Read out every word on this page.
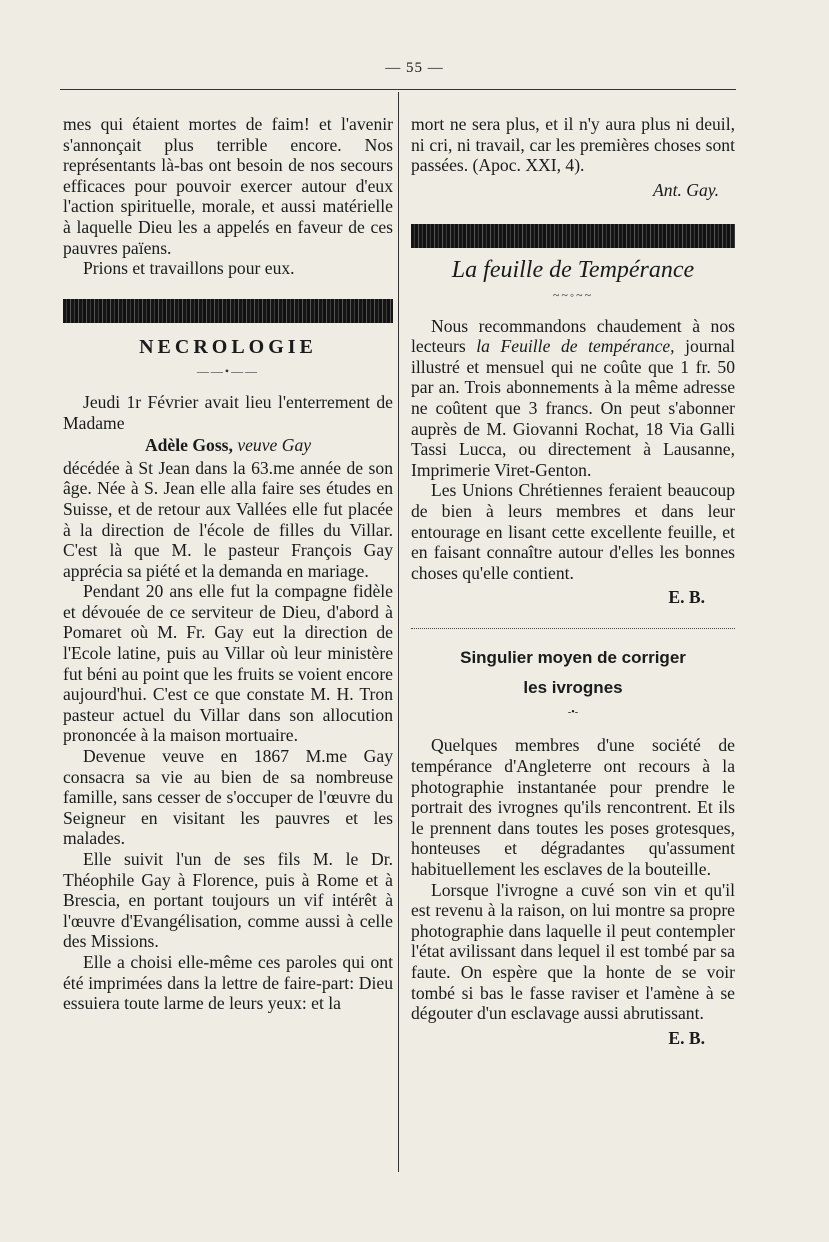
— 55 —

mes qui étaient mortes de faim! et l'avenir s'annonçait plus terrible encore. Nos représentants là-bas ont besoin de nos secours efficaces pour pouvoir exercer autour d'eux l'action spirituelle, morale, et aussi matérielle à laquelle Dieu les a appelés en faveur de ces pauvres païens.

Prions et travaillons pour eux.

NECROLOGIE
——•——

Jeudi 1r Février avait lieu l'enterrement de Madame

Adèle Goss, veuve Gay

décédée à St Jean dans la 63.me année de son âge. Née à S. Jean elle alla faire ses études en Suisse, et de retour aux Vallées elle fut placée à la direction de l'école de filles du Villar. C'est là que M. le pasteur François Gay apprécia sa piété et la demanda en mariage.

Pendant 20 ans elle fut la compagne fidèle et dévouée de ce serviteur de Dieu, d'abord à Pomaret où M. Fr. Gay eut la direction de l'Ecole latine, puis au Villar où leur ministère fut béni au point que les fruits se voient encore aujourd'hui. C'est ce que constate M. H. Tron pasteur actuel du Villar dans son allocution prononcée à la maison mortuaire.

Devenue veuve en 1867 M.me Gay consacra sa vie au bien de sa nombreuse famille, sans cesser de s'occuper de l'œuvre du Seigneur en visitant les pauvres et les malades.

Elle suivit l'un de ses fils M. le Dr. Théophile Gay à Florence, puis à Rome et à Brescia, en portant toujours un vif intérêt à l'œuvre d'Evangélisation, comme aussi à celle des Missions.

Elle a choisi elle-même ces paroles qui ont été imprimées dans la lettre de faire-part: Dieu essuiera toute larme de leurs yeux: et la

mort ne sera plus, et il n'y aura plus ni deuil, ni cri, ni travail, car les premières choses sont passées. (Apoc. XXI, 4).

Ant. Gay.
La feuille de Tempérance
~~◦~~

Nous recommandons chaudement à nos lecteurs la Feuille de tempérance, journal illustré et mensuel qui ne coûte que 1 fr. 50 par an. Trois abonnements à la même adresse ne coûtent que 3 francs. On peut s'abonner auprès de M. Giovanni Rochat, 18 Via Galli Tassi Lucca, ou directement à Lausanne, Imprimerie Viret-Genton.

Les Unions Chrétiennes feraient beaucoup de bien à leurs membres et dans leur entourage en lisant cette excellente feuille, et en faisant connaître autour d'elles les bonnes choses qu'elle contient.

E. B.
Singulier moyen de corriger
les ivrognes
-•-

Quelques membres d'une société de tempérance d'Angleterre ont recours à la photographie instantanée pour prendre le portrait des ivrognes qu'ils rencontrent. Et ils le prennent dans toutes les poses grotesques, honteuses et dégradantes qu'assument habituellement les esclaves de la bouteille.

Lorsque l'ivrogne a cuvé son vin et qu'il est revenu à la raison, on lui montre sa propre photographie dans laquelle il peut contempler l'état avilissant dans lequel il est tombé par sa faute. On espère que la honte de se voir tombé si bas le fasse raviser et l'amène à se dégouter d'un esclavage aussi abrutissant.

E. B.
